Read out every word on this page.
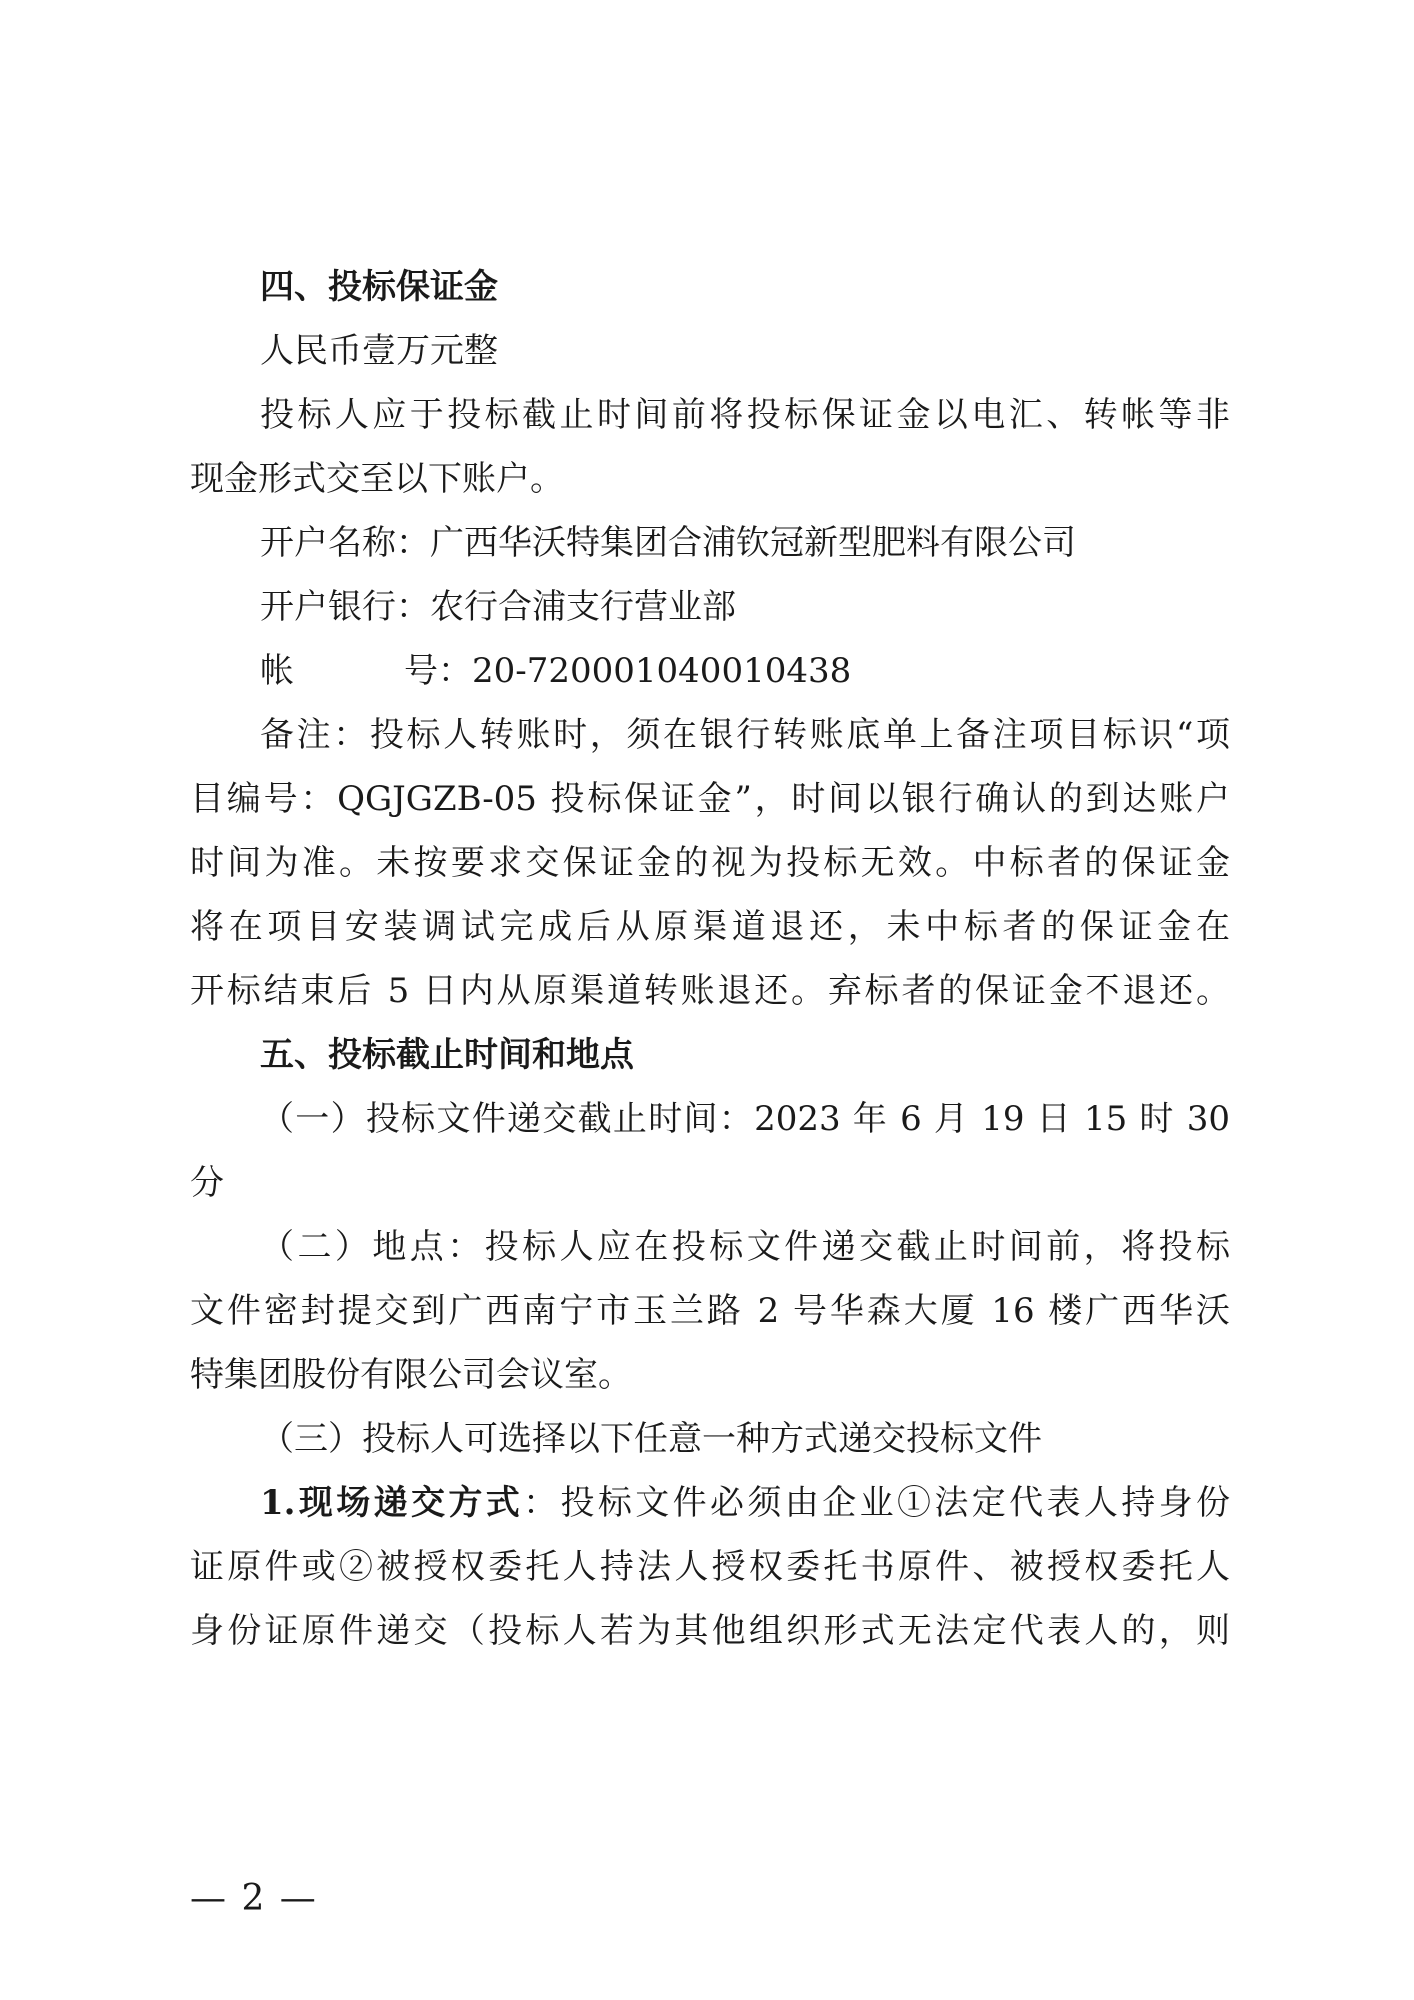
四、投标保证金
人民币壹万元整
投标人应于投标截止时间前将投标保证金以电汇、转帐等非
现金形式交至以下账户。
开户名称：广西华沃特集团合浦钦冠新型肥料有限公司
开户银行：农行合浦支行营业部
帐	号：20-720001040010438
备注：投标人转账时，须在银行转账底单上备注项目标识“项
目编号：QGJGZB-05 投标保证金”，时间以银行确认的到达账户
时间为准。未按要求交保证金的视为投标无效。中标者的保证金
将在项目安装调试完成后从原渠道退还，未中标者的保证金在
开标结束后 5 日内从原渠道转账退还。弃标者的保证金不退还。
五、投标截止时间和地点
（一）投标文件递交截止时间：2023 年 6 月 19 日 15 时 30
分
（二）地点：投标人应在投标文件递交截止时间前，将投标
文件密封提交到广西南宁市玉兰路 2 号华森大厦 16 楼广西华沃
特集团股份有限公司会议室。
（三）投标人可选择以下任意一种方式递交投标文件
1.现场递交方式：投标文件必须由企业①法定代表人持身份
证原件或②被授权委托人持法人授权委托书原件、被授权委托人
身份证原件递交（投标人若为其他组织形式无法定代表人的，则
— 2 —
